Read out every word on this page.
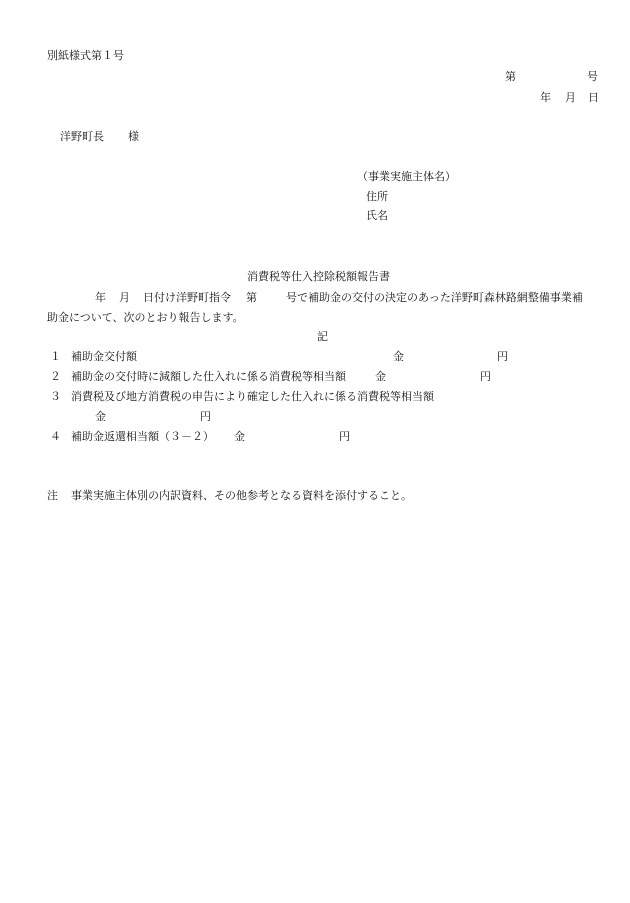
別紙様式第１号
第	号
年 月 日
洋野町長 様
（事業実施主体名）
住所
氏名
消費税等仕入控除税額報告書
年 月 日付け洋野町指令 第	号で補助金の交付の決定のあった洋野町森林路網整備事業補
助金について、次のとおり報告します。
記
１ 補助金交付額	金	円
２ 補助金の交付時に減額した仕入れに係る消費税等相当額	金	円
３ 消費税及び地方消費税の申告により確定した仕入れに係る消費税等相当額
金	円
４ 補助金返還相当額（３－２） 金	円
注 事業実施主体別の内訳資料、その他参考となる資料を添付すること。
